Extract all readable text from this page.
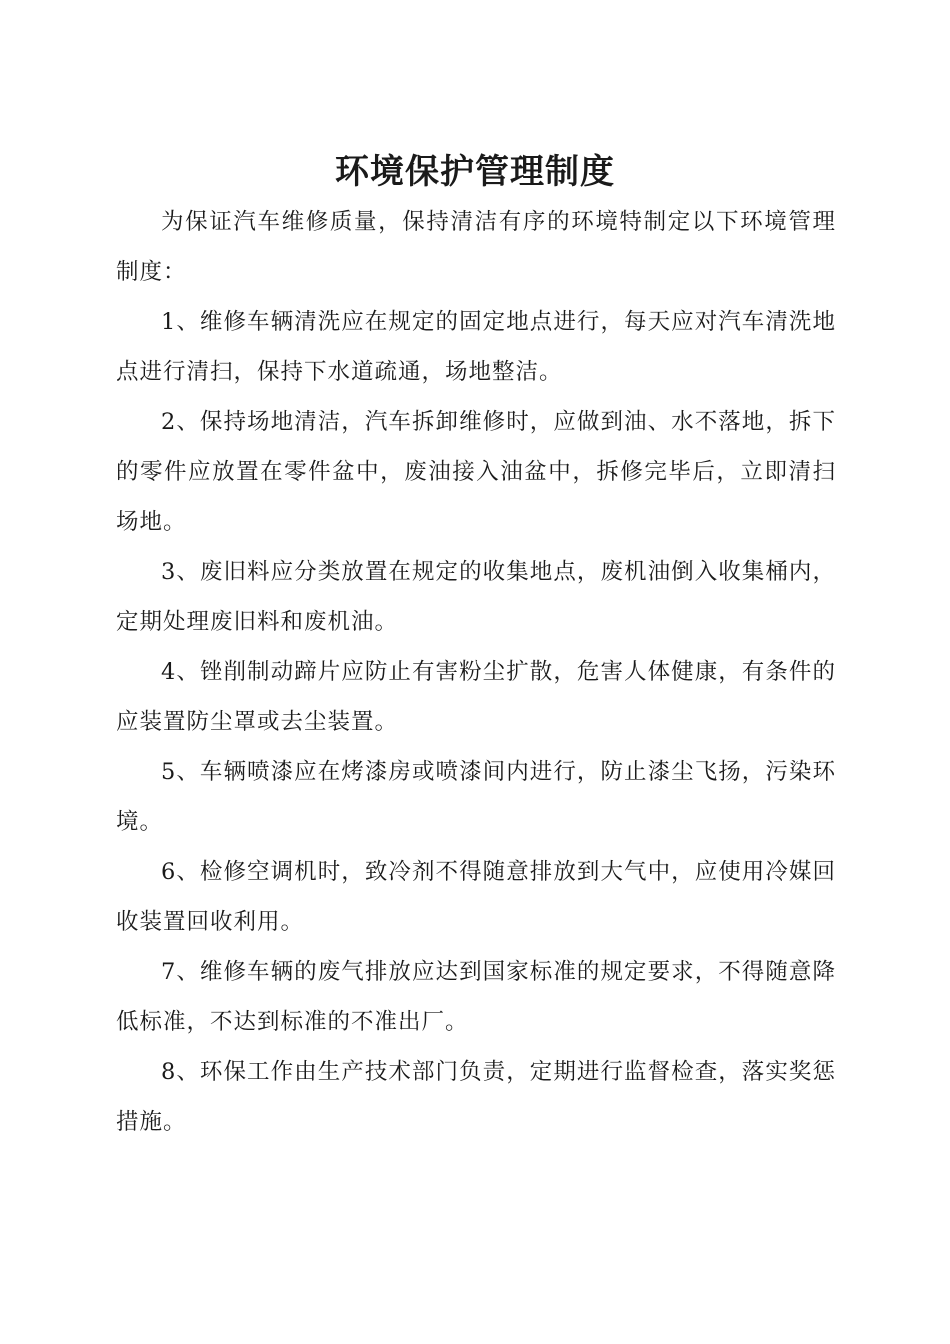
环境保护管理制度

为保证汽车维修质量，保持清洁有序的环境特制定以下环境管理制度：

1、维修车辆清洗应在规定的固定地点进行，每天应对汽车清洗地点进行清扫，保持下水道疏通，场地整洁。

2、保持场地清洁，汽车拆卸维修时，应做到油、水不落地，拆下的零件应放置在零件盆中，废油接入油盆中，拆修完毕后，立即清扫场地。

3、废旧料应分类放置在规定的收集地点，废机油倒入收集桶内，定期处理废旧料和废机油。

4、锉削制动蹄片应防止有害粉尘扩散，危害人体健康，有条件的应装置防尘罩或去尘装置。

5、车辆喷漆应在烤漆房或喷漆间内进行，防止漆尘飞扬，污染环境。

6、检修空调机时，致冷剂不得随意排放到大气中，应使用冷媒回收装置回收利用。

7、维修车辆的废气排放应达到国家标准的规定要求，不得随意降低标准，不达到标准的不准出厂。

8、环保工作由生产技术部门负责，定期进行监督检查，落实奖惩措施。
